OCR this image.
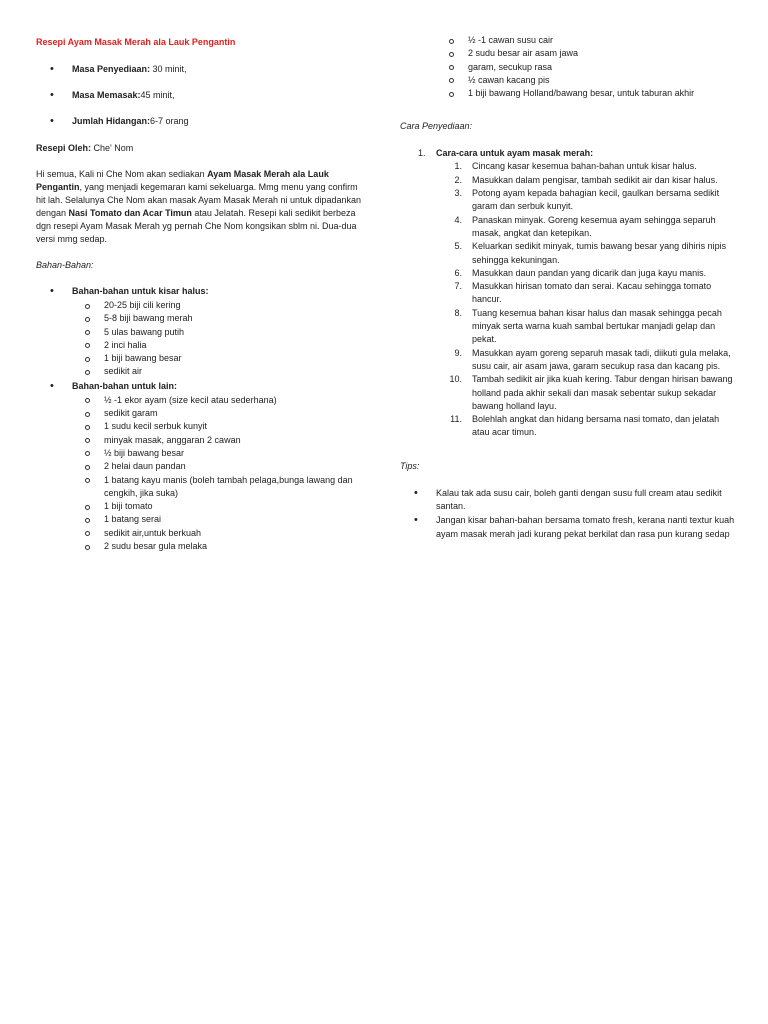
Resepi Ayam Masak Merah ala Lauk Pengantin
• Masa Penyediaan: 30 minit,
• Masa Memasak:45 minit,
• Jumlah Hidangan:6-7 orang

Resepi Oleh: Che' Nom

Hi semua, Kali ni Che Nom akan sediakan Ayam Masak Merah ala Lauk Pengantin, yang menjadi kegemaran kami sekeluarga. Mmg menu yang confirm hit lah. Selalunya Che Nom akan masak Ayam Masak Merah ni untuk dipadankan dengan Nasi Tomato dan Acar Timun atau Jelatah. Resepi kali sedikit berbeza dgn resepi Ayam Masak Merah yg pernah Che Nom kongsikan sblm ni. Dua-dua versi mmg sedap.

Bahan-Bahan:

• Bahan-bahan untuk kisar halus:
20-25 biji cili kering
5-8 biji bawang merah
5 ulas bawang putih
2 inci halia
1 biji bawang besar
sedikit air
• Bahan-bahan untuk lain:
½ -1 ekor ayam (size kecil atau sederhana)
sedikit garam
1 sudu kecil serbuk kunyit
minyak masak, anggaran 2 cawan
½ biji bawang besar
2 helai daun pandan
1 batang kayu manis (boleh tambah pelaga,bunga lawang dan cengkih, jika suka)
1 biji tomato
1 batang serai
sedikit air,untuk berkuah
2 sudu besar gula melaka
½ -1 cawan susu cair
2 sudu besar air asam jawa
garam, secukup rasa
½ cawan kacang pis
1 biji bawang Holland/bawang besar, untuk taburan akhir

Cara Penyediaan:

1. Cara-cara untuk ayam masak merah:
1. Cincang kasar kesemua bahan-bahan untuk kisar halus.
2. Masukkan dalam pengisar, tambah sedikit air dan kisar halus.
3. Potong ayam kepada bahagian kecil, gaulkan bersama sedikit garam dan serbuk kunyit.
4. Panaskan minyak. Goreng kesemua ayam sehingga separuh masak, angkat dan ketepikan.
5. Keluarkan sedikit minyak, tumis bawang besar yang dihiris nipis sehingga kekuningan.
6. Masukkan daun pandan yang dicarik dan juga kayu manis.
7. Masukkan hirisan tomato dan serai. Kacau sehingga tomato hancur.
8. Tuang kesemua bahan kisar halus dan masak sehingga pecah minyak serta warna kuah sambal bertukar manjadi gelap dan pekat.
9. Masukkan ayam goreng separuh masak tadi, diikuti gula melaka, susu cair, air asam jawa, garam secukup rasa dan kacang pis.
10. Tambah sedikit air jika kuah kering. Tabur dengan hirisan bawang holland pada akhir sekali dan masak sebentar sukup sekadar bawang holland layu.
11. Bolehlah angkat dan hidang bersama nasi tomato, dan jelatah atau acar timun.

Tips:

• Kalau tak ada susu cair, boleh ganti dengan susu full cream atau sedikit santan.
• Jangan kisar bahan-bahan bersama tomato fresh, kerana nanti textur kuah ayam masak merah jadi kurang pekat berkilat dan rasa pun kurang sedap
